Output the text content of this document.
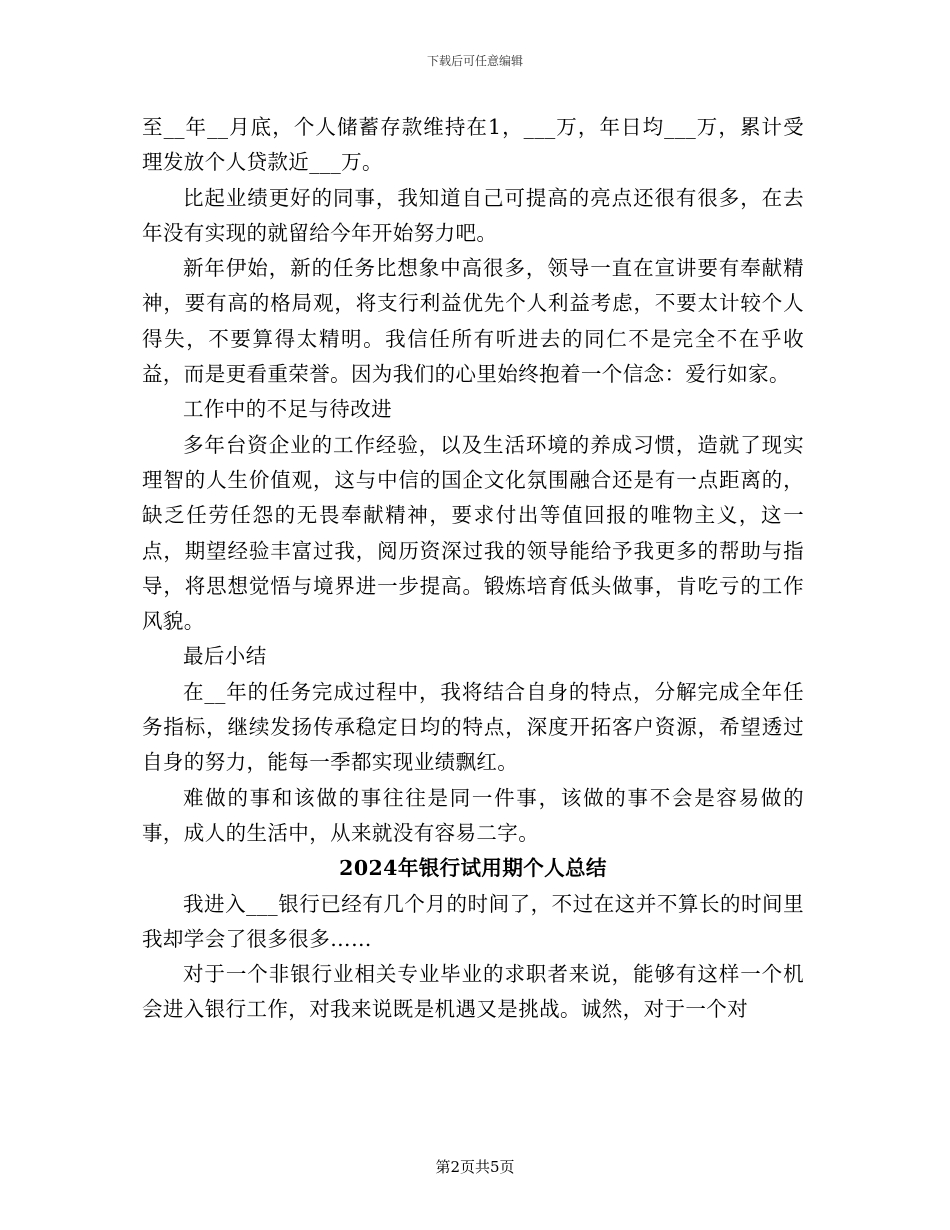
下载后可任意编辑

至__年__月底，个人储蓄存款维持在1，___万，年日均___万，累计受理发放个人贷款近___万。

比起业绩更好的同事，我知道自己可提高的亮点还很有很多，在去年没有实现的就留给今年开始努力吧。

新年伊始，新的任务比想象中高很多，领导一直在宣讲要有奉献精神，要有高的格局观，将支行利益优先个人利益考虑，不要太计较个人得失，不要算得太精明。我信任所有听进去的同仁不是完全不在乎收益，而是更看重荣誉。因为我们的心里始终抱着一个信念：爱行如家。

工作中的不足与待改进

多年台资企业的工作经验，以及生活环境的养成习惯，造就了现实理智的人生价值观，这与中信的国企文化氛围融合还是有一点距离的，缺乏任劳任怨的无畏奉献精神，要求付出等值回报的唯物主义，这一点，期望经验丰富过我，阅历资深过我的领导能给予我更多的帮助与指导，将思想觉悟与境界进一步提高。锻炼培育低头做事，肯吃亏的工作风貌。

最后小结

在__年的任务完成过程中，我将结合自身的特点，分解完成全年任务指标，继续发扬传承稳定日均的特点，深度开拓客户资源，希望透过自身的努力，能每一季都实现业绩飘红。

难做的事和该做的事往往是同一件事，该做的事不会是容易做的事，成人的生活中，从来就没有容易二字。

2024年银行试用期个人总结

我进入___银行已经有几个月的时间了，不过在这并不算长的时间里我却学会了很多很多……

对于一个非银行业相关专业毕业的求职者来说，能够有这样一个机会进入银行工作，对我来说既是机遇又是挑战。诚然，对于一个对

第2页共5页
